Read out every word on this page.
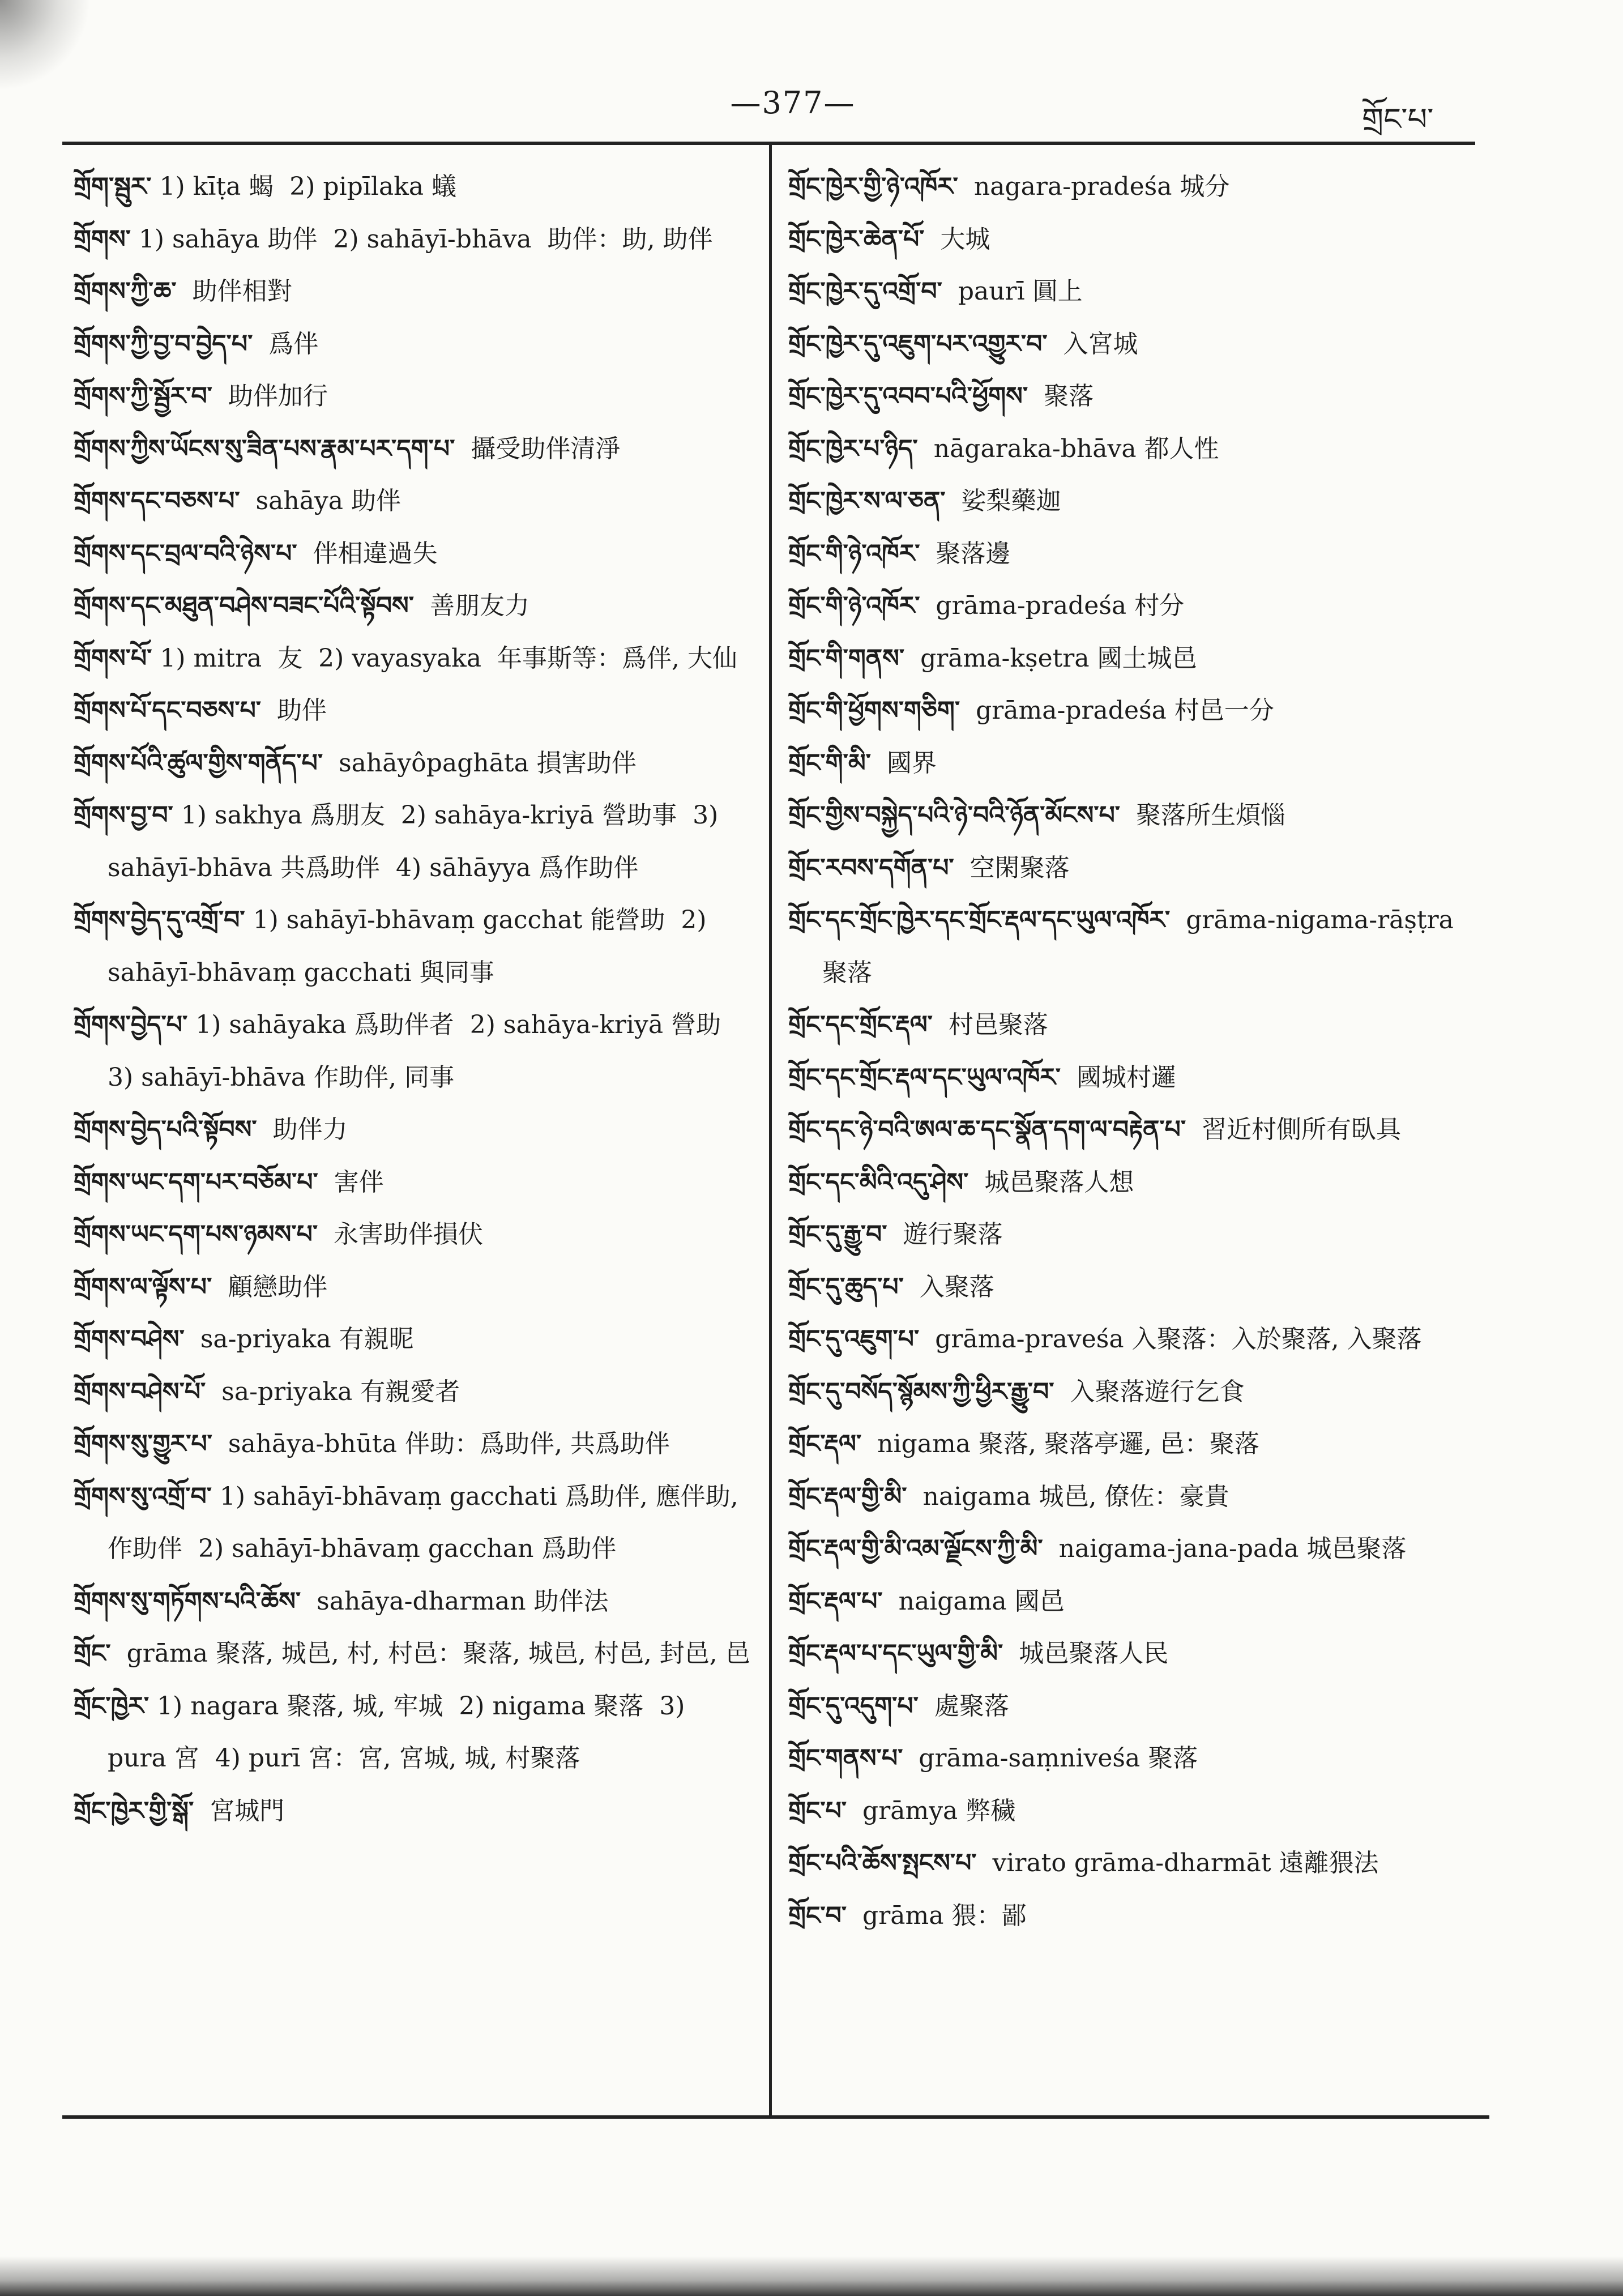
—377—	གྲོང་པ་
གྲོག་སྦུར་ 1) kīṭa 蝎  2) pipīlaka 蟻
གྲོགས་ 1) sahāya 助伴  2) sahāyī-bhāva  助伴：助, 助伴
གྲོགས་ཀྱི་ཆ་  助伴相對
གྲོགས་ཀྱི་བྱ་བ་བྱེད་པ་  爲伴
གྲོགས་ཀྱི་སྦྱོར་བ་  助伴加行
གྲོགས་ཀྱིས་ཡོངས་སུ་ཟིན་པས་རྣམ་པར་དག་པ་  攝受助伴清淨
གྲོགས་དང་བཅས་པ་  sahāya 助伴
གྲོགས་དང་བྲལ་བའི་ཉེས་པ་  伴相違過失
གྲོགས་དང་མཐུན་བཤེས་བཟང་པོའི་སྟོབས་  善朋友力
གྲོགས་པོ་ 1) mitra  友  2) vayasyaka  年事斯等：爲伴, 大仙
གྲོགས་པོ་དང་བཅས་པ་  助伴
གྲོགས་པོའི་ཚུལ་གྱིས་གནོད་པ་  sahāyôpaghāta 損害助伴
གྲོགས་བྱ་བ་ 1) sakhya 爲朋友  2) sahāya-kriyā 營助事  3) sahāyī-bhāva 共爲助伴  4) sāhāyya 爲作助伴
གྲོགས་བྱེད་དུ་འགྲོ་བ་ 1) sahāyī-bhāvaṃ gacchat 能營助  2) sahāyī-bhāvaṃ gacchati 與同事
གྲོགས་བྱེད་པ་ 1) sahāyaka 爲助伴者  2) sahāya-kriyā 營助  3) sahāyī-bhāva 作助伴, 同事
གྲོགས་བྱེད་པའི་སྟོབས་  助伴力
གྲོགས་ཡང་དག་པར་བཅོམ་པ་  害伴
གྲོགས་ཡང་དག་པས་ཉམས་པ་  永害助伴損伏
གྲོགས་ལ་ལྟོས་པ་  顧戀助伴
གྲོགས་བཤེས་  sa-priyaka 有親昵
གྲོགས་བཤེས་པོ་  sa-priyaka 有親愛者
གྲོགས་སུ་གྱུར་པ་  sahāya-bhūta 伴助：爲助伴, 共爲助伴
གྲོགས་སུ་འགྲོ་བ་ 1) sahāyī-bhāvaṃ gacchati 爲助伴, 應伴助, 作助伴  2) sahāyī-bhāvaṃ gacchan 爲助伴
གྲོགས་སུ་གཏོགས་པའི་ཆོས་  sahāya-dharman 助伴法
གྲོང་  grāma 聚落, 城邑, 村, 村邑：聚落, 城邑, 村邑, 封邑, 邑
གྲོང་ཁྱེར་ 1) nagara 聚落, 城, 牢城  2) nigama 聚落  3) pura 宮  4) purī 宮：宮, 宮城, 城, 村聚落
གྲོང་ཁྱེར་གྱི་སྒོ་  宮城門
གྲོང་ཁྱེར་གྱི་ཉེ་འཁོར་  nagara-pradeśa 城分
གྲོང་ཁྱེར་ཆེན་པོ་  大城
གྲོང་ཁྱེར་དུ་འགྲོ་བ་  paurī 圓上
གྲོང་ཁྱེར་དུ་འཇུག་པར་འགྱུར་བ་  入宮城
གྲོང་ཁྱེར་དུ་འབབ་པའི་ཕྱོགས་  聚落
གྲོང་ཁྱེར་པ་ཉིད་  nāgaraka-bhāva 都人性
གྲོང་ཁྱེར་ས་ལ་ཅན་  娑梨藥迦
གྲོང་གི་ཉེ་འཁོར་  聚落邊
གྲོང་གི་ཉེ་འཁོར་  grāma-pradeśa 村分
གྲོང་གི་གནས་  grāma-kṣetra 國土城邑
གྲོང་གི་ཕྱོགས་གཅིག་  grāma-pradeśa 村邑一分
གྲོང་གི་མི་  國界
གྲོང་གྱིས་བསྐྱེད་པའི་ཉེ་བའི་ཉོན་མོངས་པ་  聚落所生煩惱
གྲོང་རབས་དགོན་པ་  空閑聚落
གྲོང་དང་གྲོང་ཁྱེར་དང་གྲོང་རྡལ་དང་ཡུལ་འཁོར་  grāma-nigama-rāṣṭra 聚落
གྲོང་དང་གྲོང་རྡལ་  村邑聚落
གྲོང་དང་གྲོང་རྡལ་དང་ཡུལ་འཁོར་  國城村邏
གྲོང་དང་ཉེ་བའི་ཨལ་ཆ་དང་སྣོན་དག་ལ་བརྟེན་པ་  習近村側所有臥具
གྲོང་དང་མིའི་འདུ་ཤེས་  城邑聚落人想
གྲོང་དུ་རྒྱུ་བ་  遊行聚落
གྲོང་དུ་ཆུད་པ་  入聚落
གྲོང་དུ་འཇུག་པ་  grāma-praveśa 入聚落：入於聚落, 入聚落
གྲོང་དུ་བསོད་སྙོམས་ཀྱི་ཕྱིར་རྒྱུ་བ་  入聚落遊行乞食
གྲོང་རྡལ་  nigama 聚落, 聚落亭邏, 邑：聚落
གྲོང་རྡལ་གྱི་མི་  naigama 城邑, 僚佐：豪貴
གྲོང་རྡལ་གྱི་མི་འམ་ལྗོངས་ཀྱི་མི་  naigama-jana-pada 城邑聚落
གྲོང་རྡལ་པ་  naigama 國邑
གྲོང་རྡལ་པ་དང་ཡུལ་གྱི་མི་  城邑聚落人民
གྲོང་དུ་འདུག་པ་  處聚落
གྲོང་གནས་པ་  grāma-saṃniveśa 聚落
གྲོང་པ་  grāmya 弊穢
གྲོང་པའི་ཆོས་སྤངས་པ་  virato grāma-dharmāt 遠離猥法
གྲོང་བ་  grāma 猥：鄙
